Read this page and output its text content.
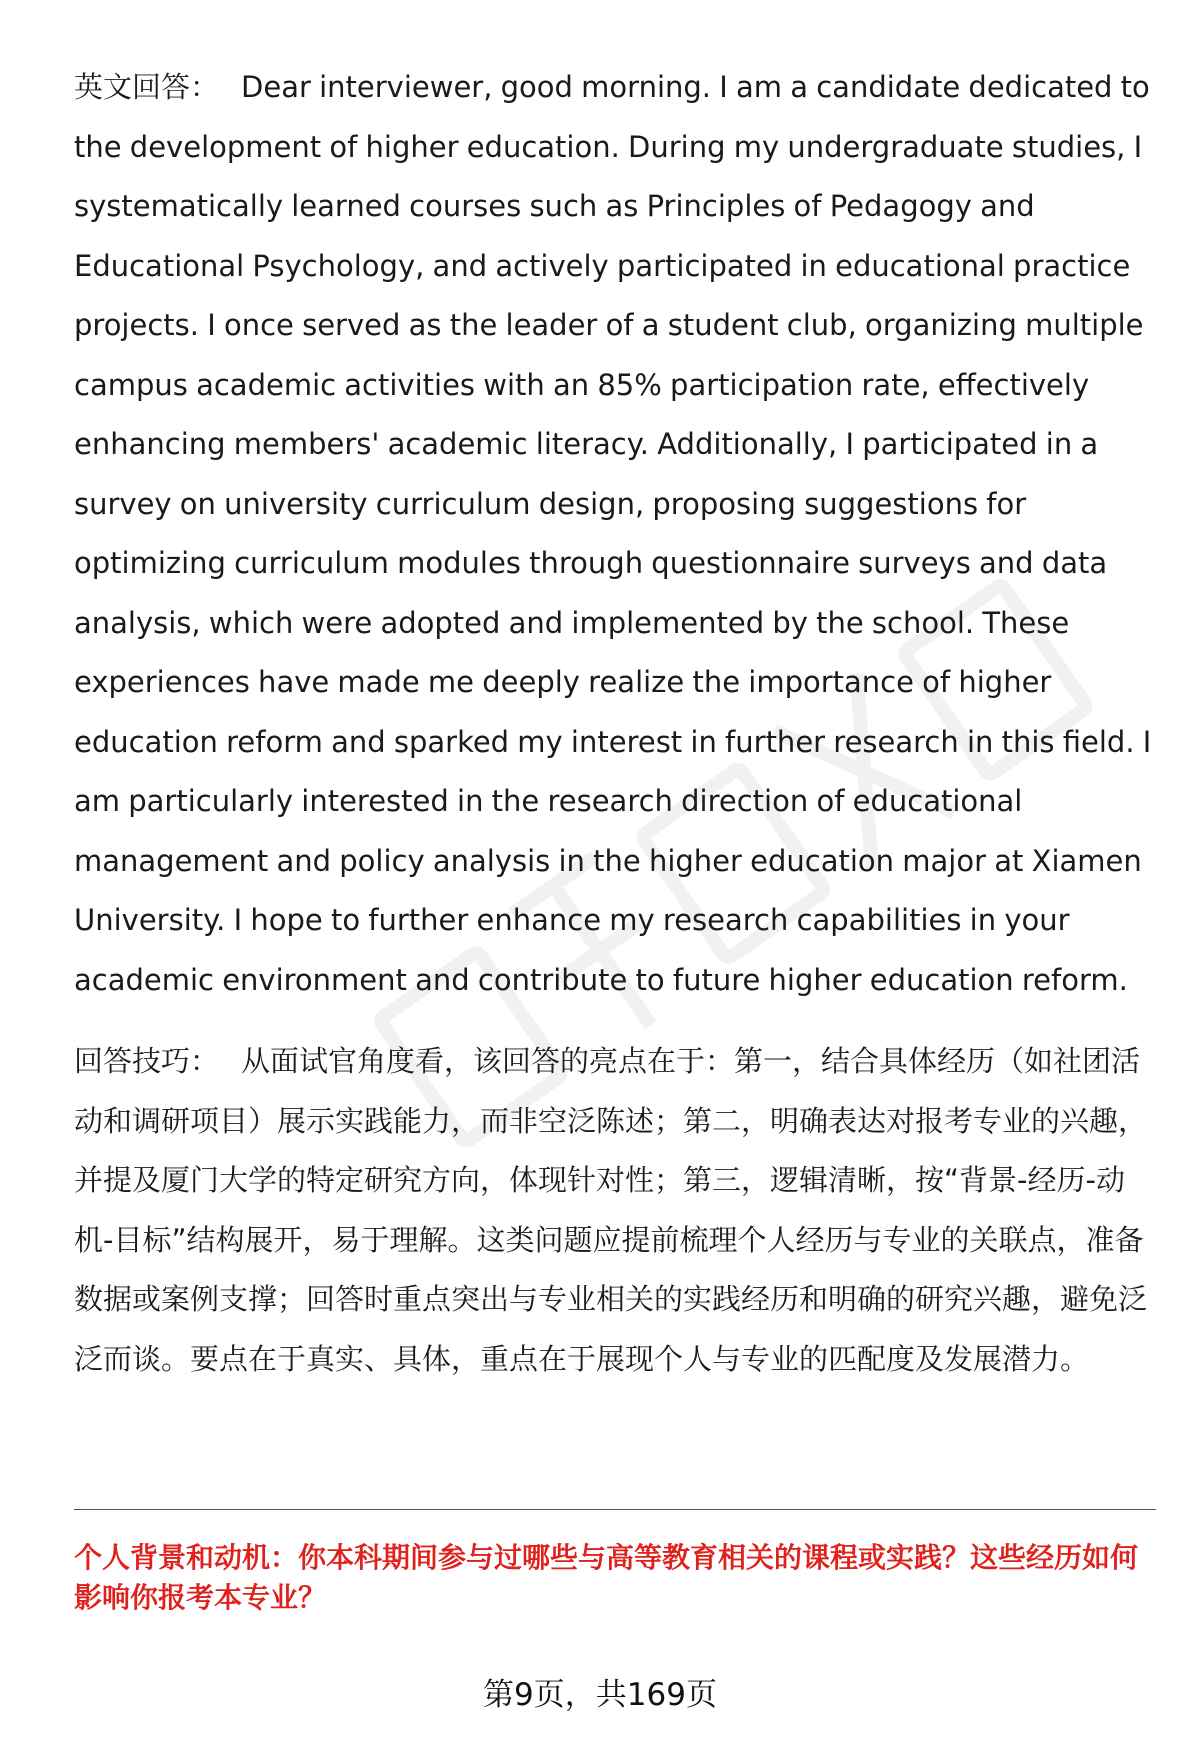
英文回答： Dear interviewer, good morning. I am a candidate dedicated to the development of higher education. During my undergraduate studies, I systematically learned courses such as Principles of Pedagogy and Educational Psychology, and actively participated in educational practice projects. I once served as the leader of a student club, organizing multiple campus academic activities with an 85% participation rate, effectively enhancing members' academic literacy. Additionally, I participated in a survey on university curriculum design, proposing suggestions for optimizing curriculum modules through questionnaire surveys and data analysis, which were adopted and implemented by the school. These experiences have made me deeply realize the importance of higher education reform and sparked my interest in further research in this field. I am particularly interested in the research direction of educational management and policy analysis in the higher education major at Xiamen University. I hope to further enhance my research capabilities in your academic environment and contribute to future higher education reform.

回答技巧： 从面试官角度看，该回答的亮点在于：第一，结合具体经历（如社团活动和调研项目）展示实践能力，而非空泛陈述；第二，明确表达对报考专业的兴趣，并提及厦门大学的特定研究方向，体现针对性；第三，逻辑清晰，按“背景-经历-动机-目标”结构展开，易于理解。这类问题应提前梳理个人经历与专业的关联点，准备数据或案例支撑；回答时重点突出与专业相关的实践经历和明确的研究兴趣，避免泛泛而谈。要点在于真实、具体，重点在于展现个人与专业的匹配度及发展潜力。

个人背景和动机：你本科期间参与过哪些与高等教育相关的课程或实践？这些经历如何影响你报考本专业？

第9页，共169页
